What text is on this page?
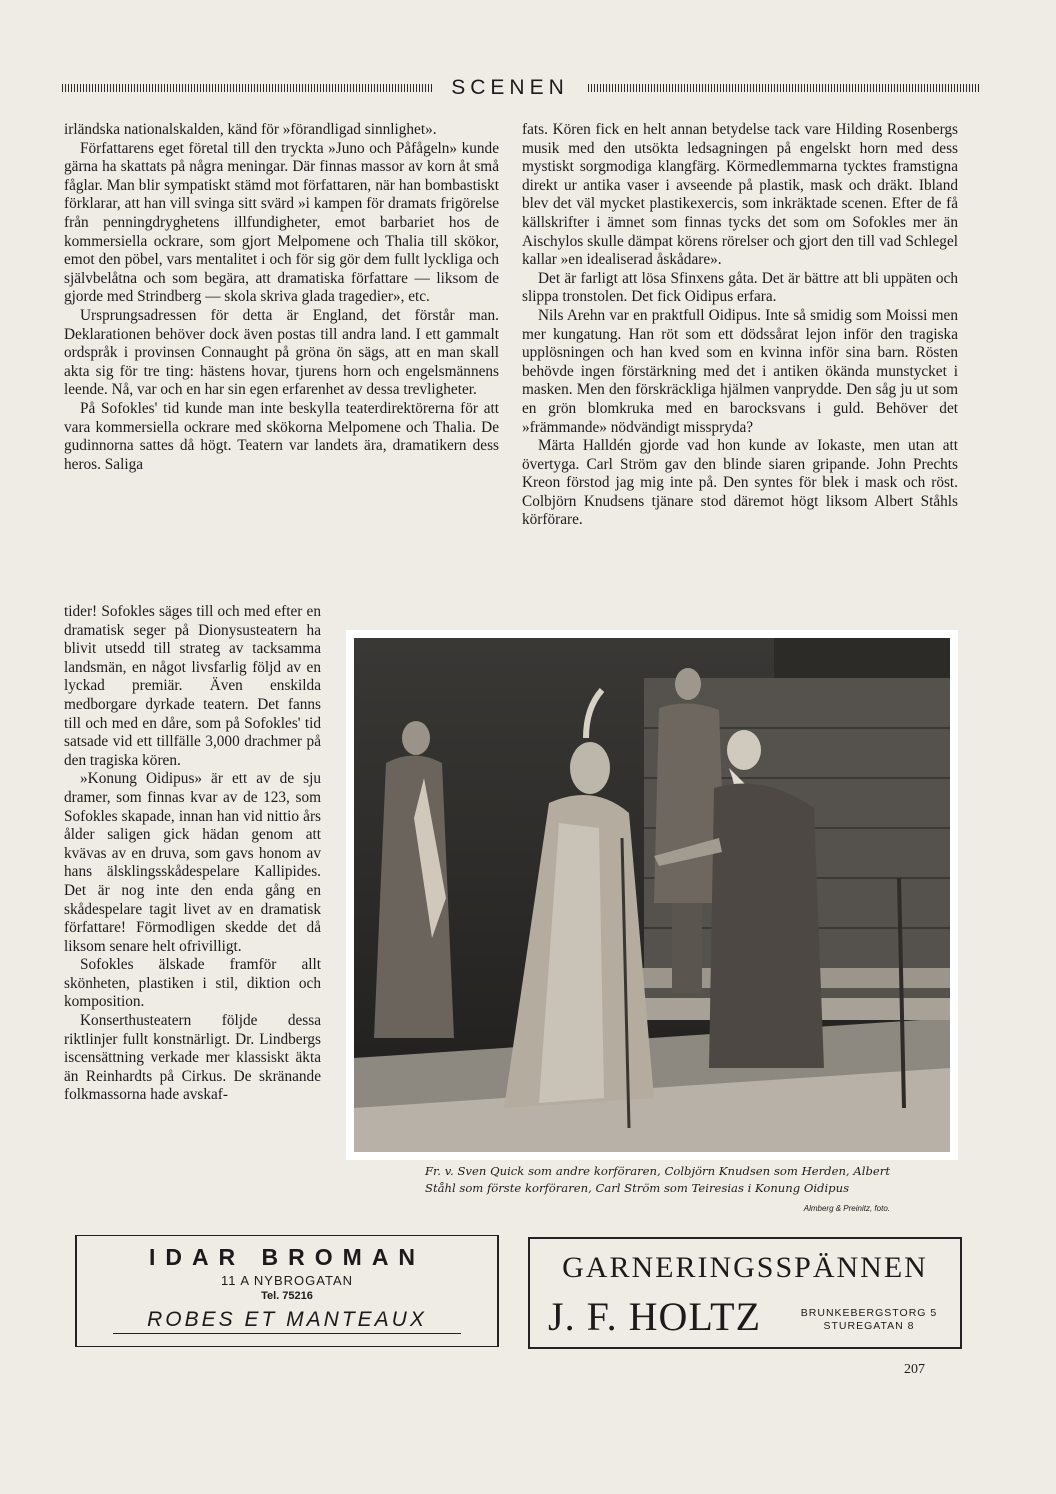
SCENEN

irländska nationalskalden, känd för »förandligad sinnlighet».

Författarens eget företal till den tryckta »Juno och Påfågeln» kunde gärna ha skattats på några meningar. Där finnas massor av korn åt små fåglar. Man blir sympatiskt stämd mot författaren, när han bombastiskt förklarar, att han vill svinga sitt svärd »i kampen för dramats frigörelse från penningdryghetens illfundigheter, emot barbariet hos de kommersiella ockrare, som gjort Melpomene och Thalia till skökor, emot den pöbel, vars mentalitet i och för sig gör dem fullt lyckliga och självbelåtna och som begära, att dramatiska författare — liksom de gjorde med Strindberg — skola skriva glada tragedier», etc.

Ursprungsadressen för detta är England, det förstår man. Deklarationen behöver dock även postas till andra land. I ett gammalt ordspråk i provinsen Connaught på gröna ön sägs, att en man skall akta sig för tre ting: hästens hovar, tjurens horn och engelsmännens leende. Nå, var och en har sin egen erfarenhet av dessa trevligheter.

På Sofokles' tid kunde man inte beskylla teaterdirektörerna för att vara kommersiella ockrare med skökorna Melpomene och Thalia. De gudinnorna sattes då högt. Teatern var landets ära, dramatikern dess heros. Saliga

tider! Sofokles säges till och med efter en dramatisk seger på Dionysusteatern ha blivit utsedd till strateg av tacksamma landsmän, en något livsfarlig följd av en lyckad premiär. Även enskilda medborgare dyrkade teatern. Det fanns till och med en dåre, som på Sofokles' tid satsade vid ett tillfälle 3,000 drachmer på den tragiska kören.

»Konung Oidipus» är ett av de sju dramer, som finnas kvar av de 123, som Sofokles skapade, innan han vid nittio års ålder saligen gick hädan genom att kvävas av en druva, som gavs honom av hans älsklingsskådespelare Kallipides. Det är nog inte den enda gång en skådespelare tagit livet av en dramatisk författare! Förmodligen skedde det då liksom senare helt ofrivilligt.

Sofokles älskade framför allt skönheten, plastiken i stil, diktion och komposition.

Konserthusteatern följde dessa riktlinjer fullt konstnärligt. Dr. Lindbergs iscensättning verkade mer klassiskt äkta än Reinhardts på Cirkus. De skränande folkmassorna hade avskaf-

fats. Kören fick en helt annan betydelse tack vare Hilding Rosenbergs musik med den utsökta ledsagningen på engelskt horn med dess mystiskt sorgmodiga klangfärg. Körmedlemmarna tycktes framstigna direkt ur antika vaser i avseende på plastik, mask och dräkt. Ibland blev det väl mycket plastikexercis, som inkräktade scenen. Efter de få källskrifter i ämnet som finnas tycks det som om Sofokles mer än Aischylos skulle dämpat körens rörelser och gjort den till vad Schlegel kallar »en idealiserad åskådare».

Det är farligt att lösa Sfinxens gåta. Det är bättre att bli uppäten och slippa tronstolen. Det fick Oidipus erfara.

Nils Arehn var en praktfull Oidipus. Inte så smidig som Moissi men mer kungatung. Han röt som ett dödssårat lejon inför den tragiska upplösningen och han kved som en kvinna inför sina barn. Rösten behövde ingen förstärkning med det i antiken ökända munstycket i masken. Men den förskräckliga hjälmen vanprydde. Den såg ju ut som en grön blomkruka med en barocksvans i guld. Behöver det »främmande» nödvändigt misspryda?

Märta Halldén gjorde vad hon kunde av Iokaste, men utan att övertyga. Carl Ström gav den blinde siaren gripande. John Prechts Kreon förstod jag mig inte på. Den syntes för blek i mask och röst. Colbjörn Knudsens tjänare stod däremot högt liksom Albert Ståhls körförare.

Fr. v. Sven Quick som andre korföraren, Colbjörn Knudsen som Herden, Albert Ståhl som förste korföraren, Carl Ström som Teiresias i Konung Oidipus
Almberg & Preinitz, foto.
IDAR BROMAN
11 A NYBROGATAN
Tel. 75216
ROBES ET MANTEAUX
GARNERINGSSPÄNNEN
J. F. HOLTZ	BRUNKEBERGSTORG 5
STUREGATAN 8
207
